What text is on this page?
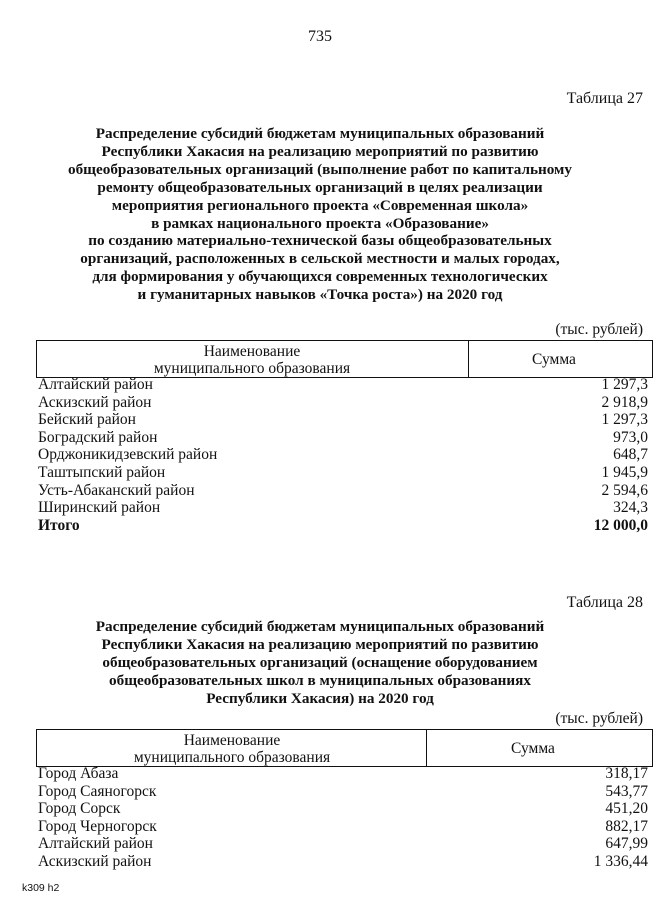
735
Таблица 27
Распределение субсидий бюджетам муниципальных образований
Республики Хакасия на реализацию мероприятий по развитию
общеобразовательных организаций (выполнение работ по капитальному
ремонту общеобразовательных организаций в целях реализации
мероприятия регионального проекта «Современная школа»
в рамках национального проекта «Образование»
по созданию материально-технической базы общеобразовательных
организаций, расположенных в сельской местности и малых городах,
для формирования у обучающихся современных технологических
и гуманитарных навыков «Точка роста») на 2020 год
(тыс. рублей)
Наименование
муниципального образования
Сумма
Алтайский район	1 297,3
Аскизский район	2 918,9
Бейский район	1 297,3
Боградский район	973,0
Орджоникидзевский район	648,7
Таштыпский район	1 945,9
Усть-Абаканский район	2 594,6
Ширинский район	324,3
Итого	12 000,0
Таблица 28
Распределение субсидий бюджетам муниципальных образований
Республики Хакасия на реализацию мероприятий по развитию
общеобразовательных организаций (оснащение оборудованием
общеобразовательных школ в муниципальных образованиях
Республики Хакасия) на 2020 год
(тыс. рублей)
Наименование
муниципального образования
Сумма
Город Абаза	318,17
Город Саяногорск	543,77
Город Сорск	451,20
Город Черногорск	882,17
Алтайский район	647,99
Аскизский район	1 336,44
k309 h2
